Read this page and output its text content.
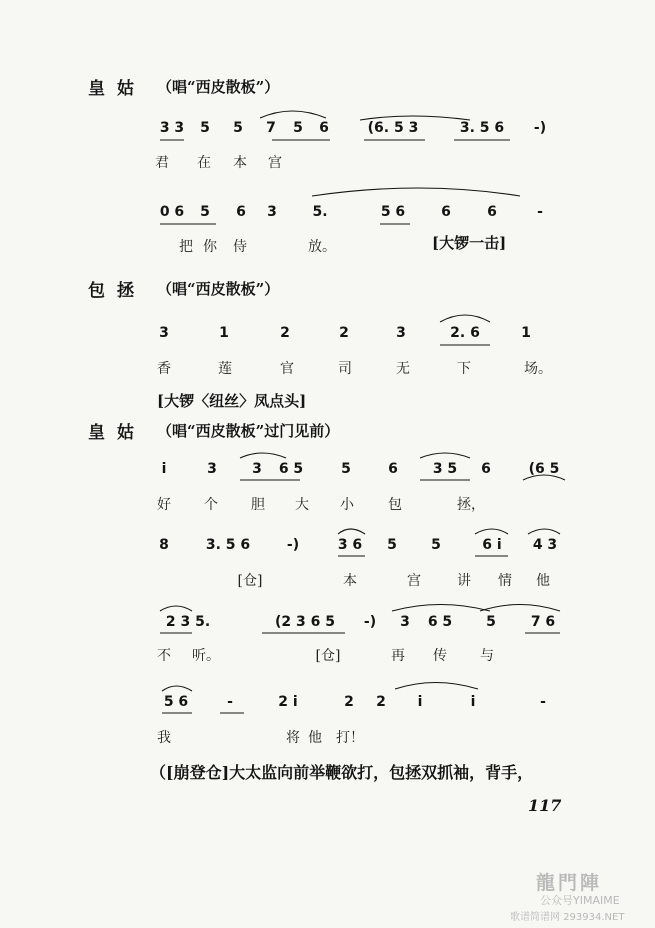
皇姑 （唱“西皮散板”）
3 3 5 5 7 5 6	(6. 5 3	3. 5 6 -)
君 在 本 宫
0 6 5 6 3	5.	5 6	6	6	-
把 你 侍	放。	[大锣一击]
包拯 （唱“西皮散板”）
3	1	2	2	3	2. 6	1
香	莲	官	司	无	下	场。
[大锣〈纽丝〉凤点头]
皇姑 （唱“西皮散板”过门见前）
i	3	3 6 5	5	6 3 5 6	(6 5
好 个 胆 大 小 包	拯，
8	3. 5 6	-)	3 6 5 5	6 i 4 3
[仓]	本	宫	讲 情 他
2 3 5.	(2 3 6 5 -) 3 6 5 5 7 6
不 听。	[仓]	再 传 与
5 6	-	2 i	2 2 i	i	-
我	将 他 打！
（[崩登仓]大太监向前举鞭欲打，包拯双抓袖，背手，
117
龍門陣
公众号YIMAIME
歌谱简谱网 293934.NET
